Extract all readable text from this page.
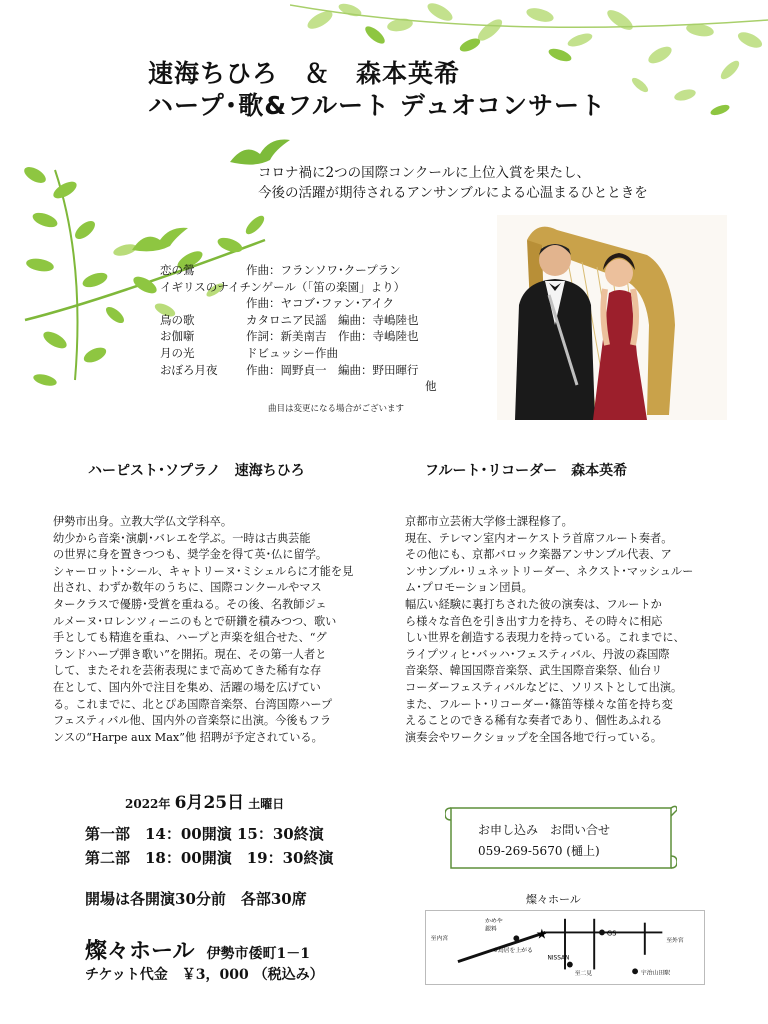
速海ちひろ　＆　森本英希
ハープ･歌&フルート デュオコンサート
コロナ禍に2つの国際コンクールに上位入賞を果たし、
今後の活躍が期待されるアンサンブルによる心温まるひとときを
恋の鶯	作曲：フランソワ･クープラン
イギリスのナイチンゲール（「笛の楽園」より）
作曲：ヤコブ･ファン･アイク
鳥の歌	カタロニア民謡　編曲：寺嶋陸也
お伽噺	作詞：新美南吉　作曲：寺嶋陸也
月の光	ドビュッシー作曲
おぼろ月夜 作曲：岡野貞一　編曲：野田暉行
他
曲目は変更になる場合がございます
ハーピスト･ソプラノ　速海ちひろ	フルート･リコーダー　森本英希
伊勢市出身。立教大学仏文学科卒。
幼少から音楽･演劇･バレエを学ぶ。一時は古典芸能
の世界に身を置きつつも、奨学金を得て英･仏に留学。
シャーロット･シール、キャトリーヌ･ミシェルらに才能を見
出され、わずか数年のうちに、国際コンクールやマス
タークラスで優勝･受賞を重ねる。その後、名教師ジェ
ルメーヌ･ロレンツィーニのもとで研鑽を積みつつ、歌い
手としても精進を重ね、ハープと声楽を組合せた、“グ
ランドハープ弾き歌い”を開拓。現在、その第一人者と
して、またそれを芸術表現にまで高めてきた稀有な存
在として、国内外で注目を集め、活躍の場を広げてい
る。これまでに、北とぴあ国際音楽祭、台湾国際ハープ
フェスティバル他、国内外の音楽祭に出演。今後もフラ
ンスの“Harpe aux Max”他 招聘が予定されている。
京都市立芸術大学修士課程修了。
現在、テレマン室内オーケストラ首席フルート奏者。
その他にも、京都バロック楽器アンサンブル代表、ア
ンサンブル･リュネットリーダー、ネクスト･マッシュルー
ム･プロモーション団員。
幅広い経験に裏打ちされた彼の演奏は、フルートか
ら様々な音色を引き出す力を持ち、その時々に相応
しい世界を創造する表現力を持っている。これまでに、
ライプツィヒ･バッハ･フェスティバル、丹波の森国際
音楽祭、韓国国際音楽祭、武生国際音楽祭、仙台リ
コーダーフェスティバルなどに、ソリストとして出演。
また、フルート･リコーダー･篠笛等様々な笛を持ち変
えることのできる稀有な奏者であり、個性あふれる
演奏会やワークショップを全国各地で行っている。
2022年 6月25日 土曜日
第一部　14：00開演 15：30終演
第二部　18：00開演　19：30終演
開場は各開演30分前　各部30席
燦々ホール 伊勢市倭町1－1
チケット代金　￥3，000 （税込み）
お申し込み　お問い合せ
059-269-5670 (樋上)
燦々ホール
★
かめや
銀料
至内宮	至外宮
GS
NISSAN
至二見	宇治山田駅
※鳥居を上がる
